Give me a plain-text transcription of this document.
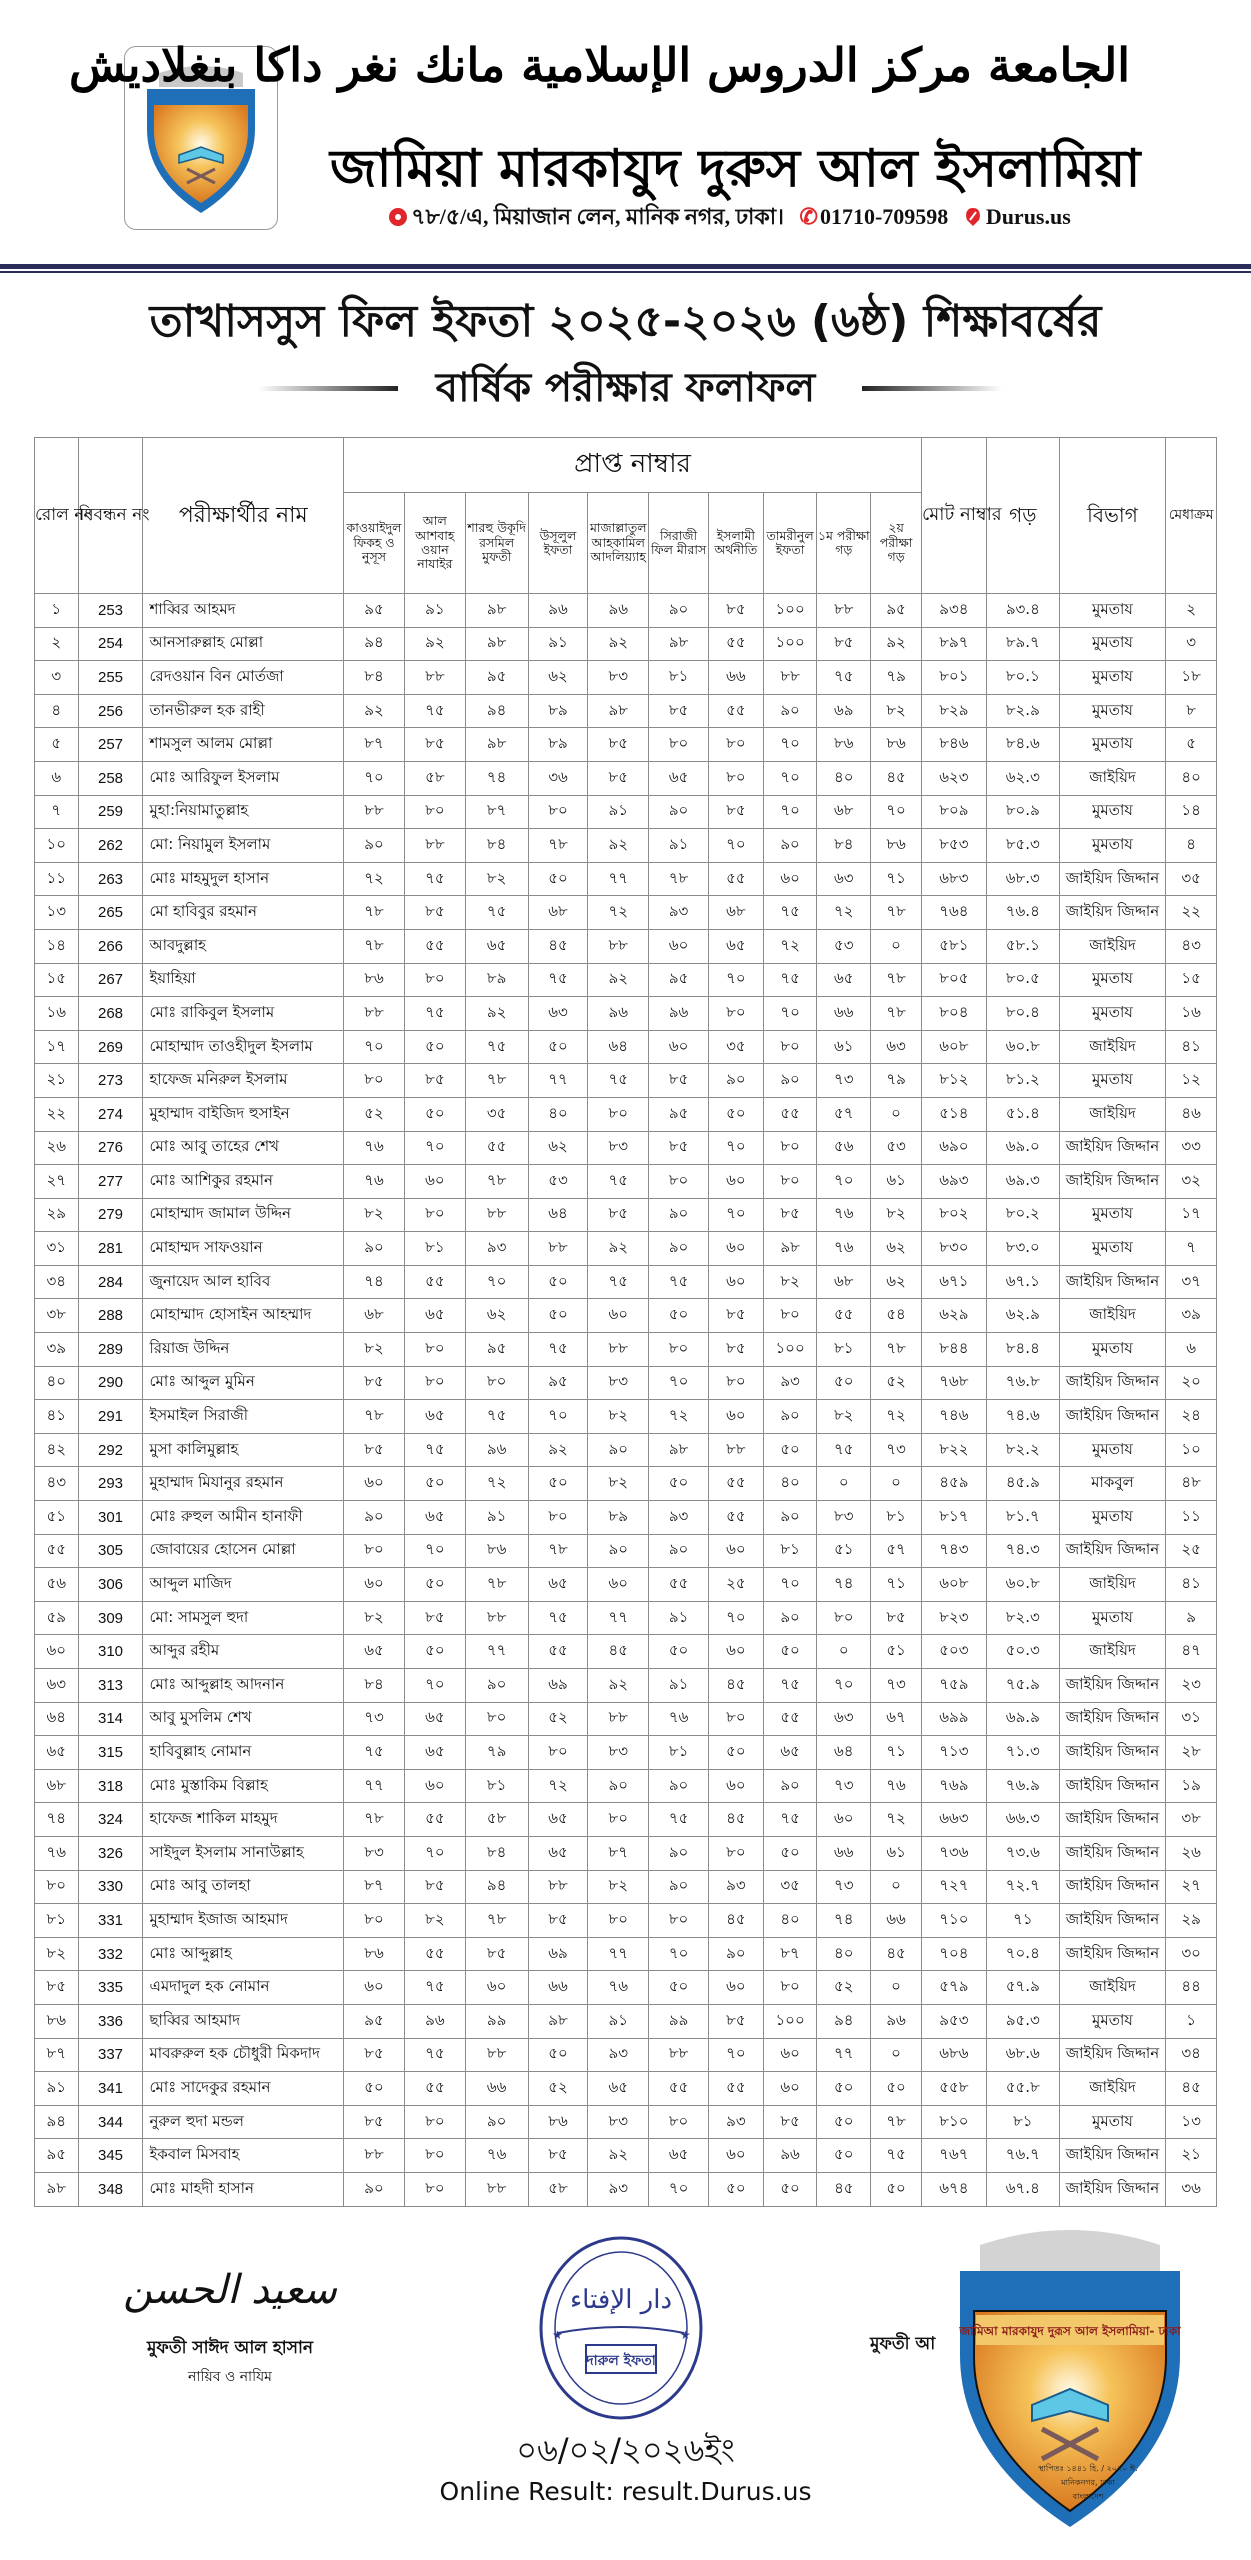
الجامعة مركز الدروس الإسلامية مانك نغر داكا بنغلاديش
জামিয়া মারকাযুদ দুরুস আল ইসলামিয়া
৭৮/৫/এ, মিয়াজান লেন, মানিক নগর, ঢাকা। ✆01710-709598 Durus.us
তাখাসসুস ফিল ইফতা ২০২৫-২০২৬ (৬ষ্ঠ) শিক্ষাবর্ষের
বার্ষিক পরীক্ষার ফলাফল
রোল নং	নিবন্ধন নং	পরীক্ষার্থীর নাম	প্রাপ্ত নাম্বার										মোট নাম্বার	গড়	বিভাগ	মেধাক্রম
			কাওয়াইদুল ফিকহ ও নুসূস	আল আশবাহ ওয়ান নাযাইর	শারহু উকূদি রসমিল মুফতী	উসূলুল ইফতা	মাজাল্লাতুল আহকামিল আদলিয়্যাহ	সিরাজী ফিল মীরাস	ইসলামী অর্থনীতি	তামরীনুল ইফতা	১ম পরীক্ষা গড়	২য় পরীক্ষা গড়				
১	253	শাব্বির আহমদ	৯৫	৯১	৯৮	৯৬	৯৬	৯০	৮৫	১০০	৮৮	৯৫	৯৩৪	৯৩.৪	মুমতায	২
২	254	আনসারুল্লাহ মোল্লা	৯৪	৯২	৯৮	৯১	৯২	৯৮	৫৫	১০০	৮৫	৯২	৮৯৭	৮৯.৭	মুমতায	৩
৩	255	রেদওয়ান বিন মোর্তজা	৮৪	৮৮	৯৫	৬২	৮৩	৮১	৬৬	৮৮	৭৫	৭৯	৮০১	৮০.১	মুমতায	১৮
৪	256	তানভীরুল হক রাহী	৯২	৭৫	৯৪	৮৯	৯৮	৮৫	৫৫	৯০	৬৯	৮২	৮২৯	৮২.৯	মুমতায	৮
৫	257	শামসুল আলম মোল্লা	৮৭	৮৫	৯৮	৮৯	৮৫	৮০	৮০	৭০	৮৬	৮৬	৮৪৬	৮৪.৬	মুমতায	৫
৬	258	মোঃ আরিফুল ইসলাম	৭০	৫৮	৭৪	৩৬	৮৫	৬৫	৮০	৭০	৪০	৪৫	৬২৩	৬২.৩	জাইয়িদ	৪০
৭	259	মুহা:নিয়ামাতুল্লাহ	৮৮	৮০	৮৭	৮০	৯১	৯০	৮৫	৭০	৬৮	৭০	৮০৯	৮০.৯	মুমতায	১৪
১০	262	মো: নিয়ামুল ইসলাম	৯০	৮৮	৮৪	৭৮	৯২	৯১	৭০	৯০	৮৪	৮৬	৮৫৩	৮৫.৩	মুমতায	৪
১১	263	মোঃ মাহমুদুল হাসান	৭২	৭৫	৮২	৫০	৭৭	৭৮	৫৫	৬০	৬৩	৭১	৬৮৩	৬৮.৩	জাইয়িদ জিদ্দান	৩৫
১৩	265	মো হাবিবুর রহমান	৭৮	৮৫	৭৫	৬৮	৭২	৯৩	৬৮	৭৫	৭২	৭৮	৭৬৪	৭৬.৪	জাইয়িদ জিদ্দান	২২
১৪	266	আবদুল্লাহ	৭৮	৫৫	৬৫	৪৫	৮৮	৬০	৬৫	৭২	৫৩	০	৫৮১	৫৮.১	জাইয়িদ	৪৩
১৫	267	ইয়াহিয়া	৮৬	৮০	৮৯	৭৫	৯২	৯৫	৭০	৭৫	৬৫	৭৮	৮০৫	৮০.৫	মুমতায	১৫
১৬	268	মোঃ রাকিবুল ইসলাম	৮৮	৭৫	৯২	৬৩	৯৬	৯৬	৮০	৭০	৬৬	৭৮	৮০৪	৮০.৪	মুমতায	১৬
১৭	269	মোহাম্মাদ তাওহীদুল ইসলাম	৭০	৫০	৭৫	৫০	৬৪	৬০	৩৫	৮০	৬১	৬৩	৬০৮	৬০.৮	জাইয়িদ	৪১
২১	273	হাফেজ মনিরুল ইসলাম	৮০	৮৫	৭৮	৭৭	৭৫	৮৫	৯০	৯০	৭৩	৭৯	৮১২	৮১.২	মুমতায	১২
২২	274	মুহাম্মাদ বাইজিদ হুসাইন	৫২	৫০	৩৫	৪০	৮০	৯৫	৫০	৫৫	৫৭	০	৫১৪	৫১.৪	জাইয়িদ	৪৬
২৬	276	মোঃ আবু তাহের শেখ	৭৬	৭০	৫৫	৬২	৮৩	৮৫	৭০	৮০	৫৬	৫৩	৬৯০	৬৯.০	জাইয়িদ জিদ্দান	৩৩
২৭	277	মোঃ আশিকুর রহমান	৭৬	৬০	৭৮	৫৩	৭৫	৮০	৬০	৮০	৭০	৬১	৬৯৩	৬৯.৩	জাইয়িদ জিদ্দান	৩২
২৯	279	মোহাম্মাদ জামাল উদ্দিন	৮২	৮০	৮৮	৬৪	৮৫	৯০	৭০	৮৫	৭৬	৮২	৮০২	৮০.২	মুমতায	১৭
৩১	281	মোহাম্মদ সাফওয়ান	৯০	৮১	৯৩	৮৮	৯২	৯০	৬০	৯৮	৭৬	৬২	৮৩০	৮৩.০	মুমতায	৭
৩৪	284	জুনায়েদ আল হাবিব	৭৪	৫৫	৭০	৫০	৭৫	৭৫	৬০	৮২	৬৮	৬২	৬৭১	৬৭.১	জাইয়িদ জিদ্দান	৩৭
৩৮	288	মোহাম্মাদ হোসাইন আহম্মাদ	৬৮	৬৫	৬২	৫০	৬০	৫০	৮৫	৮০	৫৫	৫৪	৬২৯	৬২.৯	জাইয়িদ	৩৯
৩৯	289	রিয়াজ উদ্দিন	৮২	৮০	৯৫	৭৫	৮৮	৮০	৮৫	১০০	৮১	৭৮	৮৪৪	৮৪.৪	মুমতায	৬
৪০	290	মোঃ আব্দুল মুমিন	৮৫	৮০	৮০	৯৫	৮৩	৭০	৮০	৯৩	৫০	৫২	৭৬৮	৭৬.৮	জাইয়িদ জিদ্দান	২০
৪১	291	ইসমাইল সিরাজী	৭৮	৬৫	৭৫	৭০	৮২	৭২	৬০	৯০	৮২	৭২	৭৪৬	৭৪.৬	জাইয়িদ জিদ্দান	২৪
৪২	292	মুসা কালিমুল্লাহ	৮৫	৭৫	৯৬	৯২	৯০	৯৮	৮৮	৫০	৭৫	৭৩	৮২২	৮২.২	মুমতায	১০
৪৩	293	মুহাম্মাদ মিযানুর রহমান	৬০	৫০	৭২	৫০	৮২	৫০	৫৫	৪০	০	০	৪৫৯	৪৫.৯	মাকবুল	৪৮
৫১	301	মোঃ রুহুল আমীন হানাফী	৯০	৬৫	৯১	৮০	৮৯	৯৩	৫৫	৯০	৮৩	৮১	৮১৭	৮১.৭	মুমতায	১১
৫৫	305	জোবায়ের হোসেন মোল্লা	৮০	৭০	৮৬	৭৮	৯০	৯০	৬০	৮১	৫১	৫৭	৭৪৩	৭৪.৩	জাইয়িদ জিদ্দান	২৫
৫৬	306	আব্দুল মাজিদ	৬০	৫০	৭৮	৬৫	৬০	৫৫	২৫	৭০	৭৪	৭১	৬০৮	৬০.৮	জাইয়িদ	৪১
৫৯	309	মো: সামসুল হুদা	৮২	৮৫	৮৮	৭৫	৭৭	৯১	৭০	৯০	৮০	৮৫	৮২৩	৮২.৩	মুমতায	৯
৬০	310	আব্দুর রহীম	৬৫	৫০	৭৭	৫৫	৪৫	৫০	৬০	৫০	০	৫১	৫০৩	৫০.৩	জাইয়িদ	৪৭
৬৩	313	মোঃ আব্দুল্লাহ আদনান	৮৪	৭০	৯০	৬৯	৯২	৯১	৪৫	৭৫	৭০	৭৩	৭৫৯	৭৫.৯	জাইয়িদ জিদ্দান	২৩
৬৪	314	আবু মুসলিম শেখ	৭৩	৬৫	৮০	৫২	৮৮	৭৬	৮০	৫৫	৬৩	৬৭	৬৯৯	৬৯.৯	জাইয়িদ জিদ্দান	৩১
৬৫	315	হাবিবুল্লাহ নোমান	৭৫	৬৫	৭৯	৮০	৮৩	৮১	৫০	৬৫	৬৪	৭১	৭১৩	৭১.৩	জাইয়িদ জিদ্দান	২৮
৬৮	318	মোঃ মুস্তাকিম বিল্লাহ	৭৭	৬০	৮১	৭২	৯০	৯০	৬০	৯০	৭৩	৭৬	৭৬৯	৭৬.৯	জাইয়িদ জিদ্দান	১৯
৭৪	324	হাফেজ শাকিল মাহমুদ	৭৮	৫৫	৫৮	৬৫	৮০	৭৫	৪৫	৭৫	৬০	৭২	৬৬৩	৬৬.৩	জাইয়িদ জিদ্দান	৩৮
৭৬	326	সাইদুল ইসলাম সানাউল্লাহ	৮৩	৭০	৮৪	৬৫	৮৭	৯০	৮০	৫০	৬৬	৬১	৭৩৬	৭৩.৬	জাইয়িদ জিদ্দান	২৬
৮০	330	মোঃ আবু তালহা	৮৭	৮৫	৯৪	৮৮	৮২	৯০	৯৩	৩৫	৭৩	০	৭২৭	৭২.৭	জাইয়িদ জিদ্দান	২৭
৮১	331	মুহাম্মাদ ইজাজ আহমাদ	৮০	৮২	৭৮	৮৫	৮০	৮০	৪৫	৪০	৭৪	৬৬	৭১০	৭১	জাইয়িদ জিদ্দান	২৯
৮২	332	মোঃ আব্দুল্লাহ	৮৬	৫৫	৮৫	৬৯	৭৭	৭০	৯০	৮৭	৪০	৪৫	৭০৪	৭০.৪	জাইয়িদ জিদ্দান	৩০
৮৫	335	এমদাদুল হক নোমান	৬০	৭৫	৬০	৬৬	৭৬	৫০	৬০	৮০	৫২	০	৫৭৯	৫৭.৯	জাইয়িদ	৪৪
৮৬	336	ছাব্বির আহমাদ	৯৫	৯৬	৯৯	৯৮	৯১	৯৯	৮৫	১০০	৯৪	৯৬	৯৫৩	৯৫.৩	মুমতায	১
৮৭	337	মাবরুরুল হক চৌধুরী মিকদাদ	৮৫	৭৫	৮৮	৫০	৯৩	৮৮	৭০	৬০	৭৭	০	৬৮৬	৬৮.৬	জাইয়িদ জিদ্দান	৩৪
৯১	341	মোঃ সাদেকুর রহমান	৫০	৫৫	৬৬	৫২	৬৫	৫৫	৫৫	৬০	৫০	৫০	৫৫৮	৫৫.৮	জাইয়িদ	৪৫
৯৪	344	নুরুল হুদা মন্ডল	৮৫	৮০	৯০	৮৬	৮৩	৮০	৯৩	৮৫	৫০	৭৮	৮১০	৮১	মুমতায	১৩
৯৫	345	ইকবাল মিসবাহ	৮৮	৮০	৭৬	৮৫	৯২	৬৫	৬০	৯৬	৫০	৭৫	৭৬৭	৭৬.৭	জাইয়িদ জিদ্দান	২১
৯৮	348	মোঃ মাহদী হাসান	৯০	৮০	৮৮	৫৮	৯৩	৭০	৫০	৫০	৪৫	৫০	৬৭৪	৬৭.৪	জাইয়িদ জিদ্দান	৩৬
سعيد الحسن
মুফতী সাঈদ আল হাসান
নায়িব ও নাযিম
دار الإفتاء
দারুল ইফতা
★	★	মুফতী আ
জামিআ মারকাযুদ দুরূস আল ইসলামিয়া- ঢাকা
স্থাপিতঃ ১৪৪১ হি. / ২০২০ ঈ.
মানিকনগর, ঢাকা
বাংলাদেশ
০৬/০২/২০২৬ইং
Online Result: result.Durus.us
